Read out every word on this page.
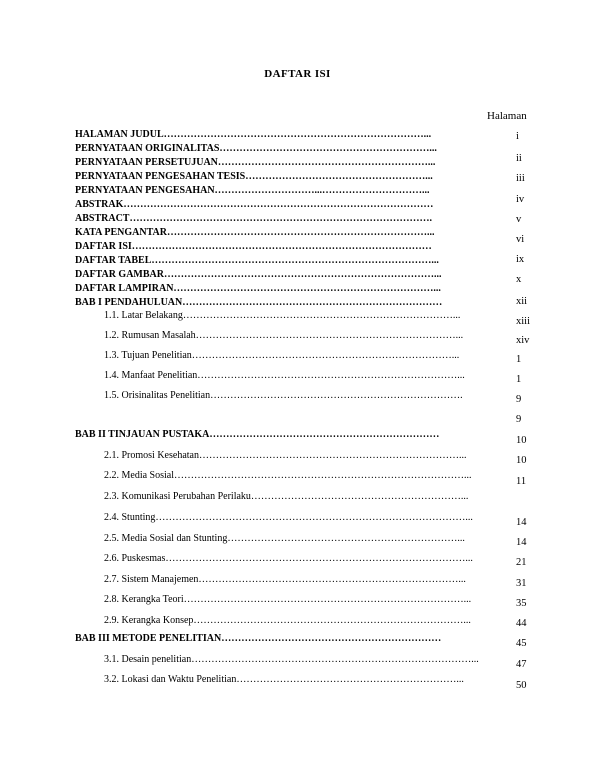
DAFTAR ISI
Halaman
HALAMAN JUDUL……………………………………………………………………...
PERNYATAAN ORIGINALITAS………………………………………………………...
PERNYATAAN PERSETUJUAN………………………………………………………...
PERNYATAAN PENGESAHAN TESIS………………………………………………...
PERNYATAAN PENGESAHAN…………………………...…………………………...
ABSTRAK…………………………………………………………………………………
ABSTRACT……………………………………………………………………………….
KATA PENGANTAR……………………………………………………………………...
DAFTAR ISI………………………………………………………………………………
DAFTAR TABEL…………………………………………………………………………...
DAFTAR GAMBAR………………………………………………………………………...
DAFTAR LAMPIRAN……………………………………………………………………...
BAB I PENDAHULUAN……………………………………………………………………
1.1. Latar Belakang………………………………………………………………………...
1.2. Rumusan Masalah……………………………………………………………………...
1.3. Tujuan Penelitian……………………………………………………………………...
1.4. Manfaat Penelitian……………………………………………………………………...
1.5. Orisinalitas Penelitian………………………………………………………………….
BAB II TINJAUAN PUSTAKA……………………………………………………………
2.1. Promosi Kesehatan……………………………………………………………………...
2.2. Media Sosial……………………………………………………………………………...
2.3. Komunikasi Perubahan Perilaku………………………………………………………...
2.4. Stunting…………………………………………………………………………………...
2.5. Media Sosial dan Stunting……………………………………………………………...
2.6. Puskesmas………………………………………………………………………………...
2.7. Sistem Manajemen……………………………………………………………………...
2.8. Kerangka Teori…………………………………………………………………………...
2.9. Kerangka Konsep………………………………………………………………………...
BAB III METODE PENELITIAN…………………………………………………………
3.1. Desain penelitian…………………………………………………………………………...
3.2. Lokasi dan Waktu Penelitian…………………………………………………………...
i
ii
iii
iv
v
vi
ix
x
xii
xiii
xiv
1
1
9
9
10
10
11
14
14
21
31
35
44
45
47
50
